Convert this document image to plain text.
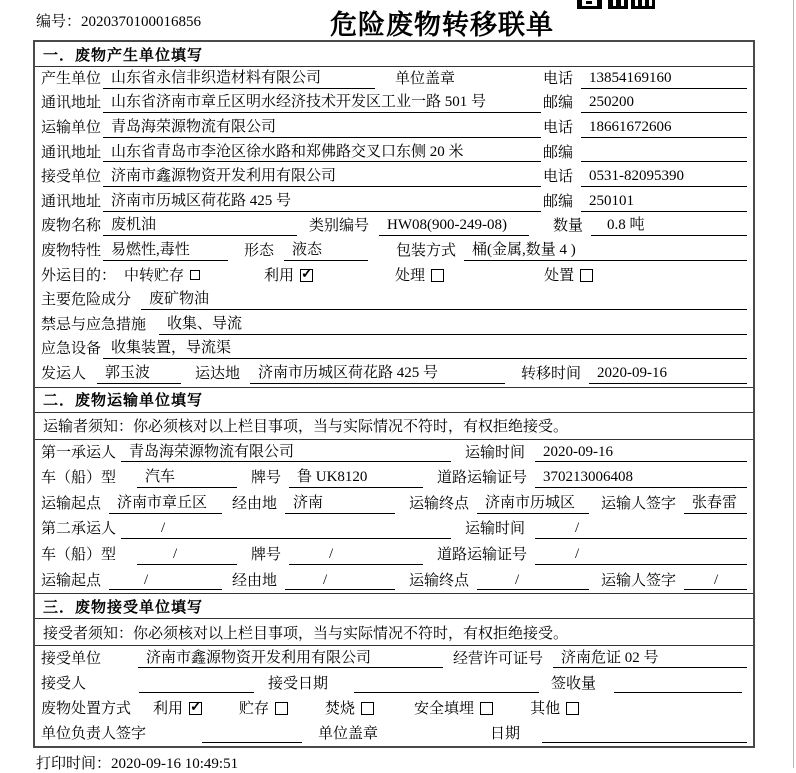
编号：2020370100016856	危险废物转移联单
一．废物产生单位填写
产生单位 山东省永信非织造材料有限公司	单位盖章	电话	13854169160
通讯地址 山东省济南市章丘区明水经济技术开发区工业一路 501 号	邮编	250200
运输单位 青岛海荣源物流有限公司	电话	18661672606
通讯地址 山东省青岛市李沧区徐水路和郑佛路交叉口东侧 20 米	邮编
接受单位 济南市鑫源物资开发利用有限公司	电话	0531-82095390
通讯地址 济南市历城区荷花路 425 号	邮编	250101
废物名称 废机油	类别编号	HW08(900-249-08)	数量	0.8 吨
废物特性 易燃性,毒性	形态	液态	包装方式	桶(金属,数量 4 )
外运目的： 中转贮存	利用 ✓	处理	处置
主要危险成分	废矿物油
禁忌与应急措施	收集、导流
应急设备 收集装置，导流渠
发运人	郭玉波	运达地	济南市历城区荷花路 425 号	转移时间	2020-09-16
二．废物运输单位填写
运输者须知：你必须核对以上栏目事项，当与实际情况不符时，有权拒绝接受。
第一承运人 青岛海荣源物流有限公司	运输时间	2020-09-16
车（船）型	汽车	牌号	鲁 UK8120	道路运输证号	370213006408
运输起点	济南市章丘区	经由地	济南	运输终点	济南市历城区	运输人签字	张春雷
第二承运人	/	运输时间	/
车（船）型	/	牌号	/	道路运输证号	/
运输起点	/	经由地	/	运输终点	/	运输人签字	/
三．废物接受单位填写
接受者须知：你必须核对以上栏目事项，当与实际情况不符时，有权拒绝接受。
接受单位	济南市鑫源物资开发利用有限公司	经营许可证号	济南危证 02 号
接受人	接受日期	签收量
废物处置方式 利用 ✓	贮存	焚烧	安全填埋	其他
单位负责人签字	单位盖章	日期
打印时间：2020-09-16 10:49:51
